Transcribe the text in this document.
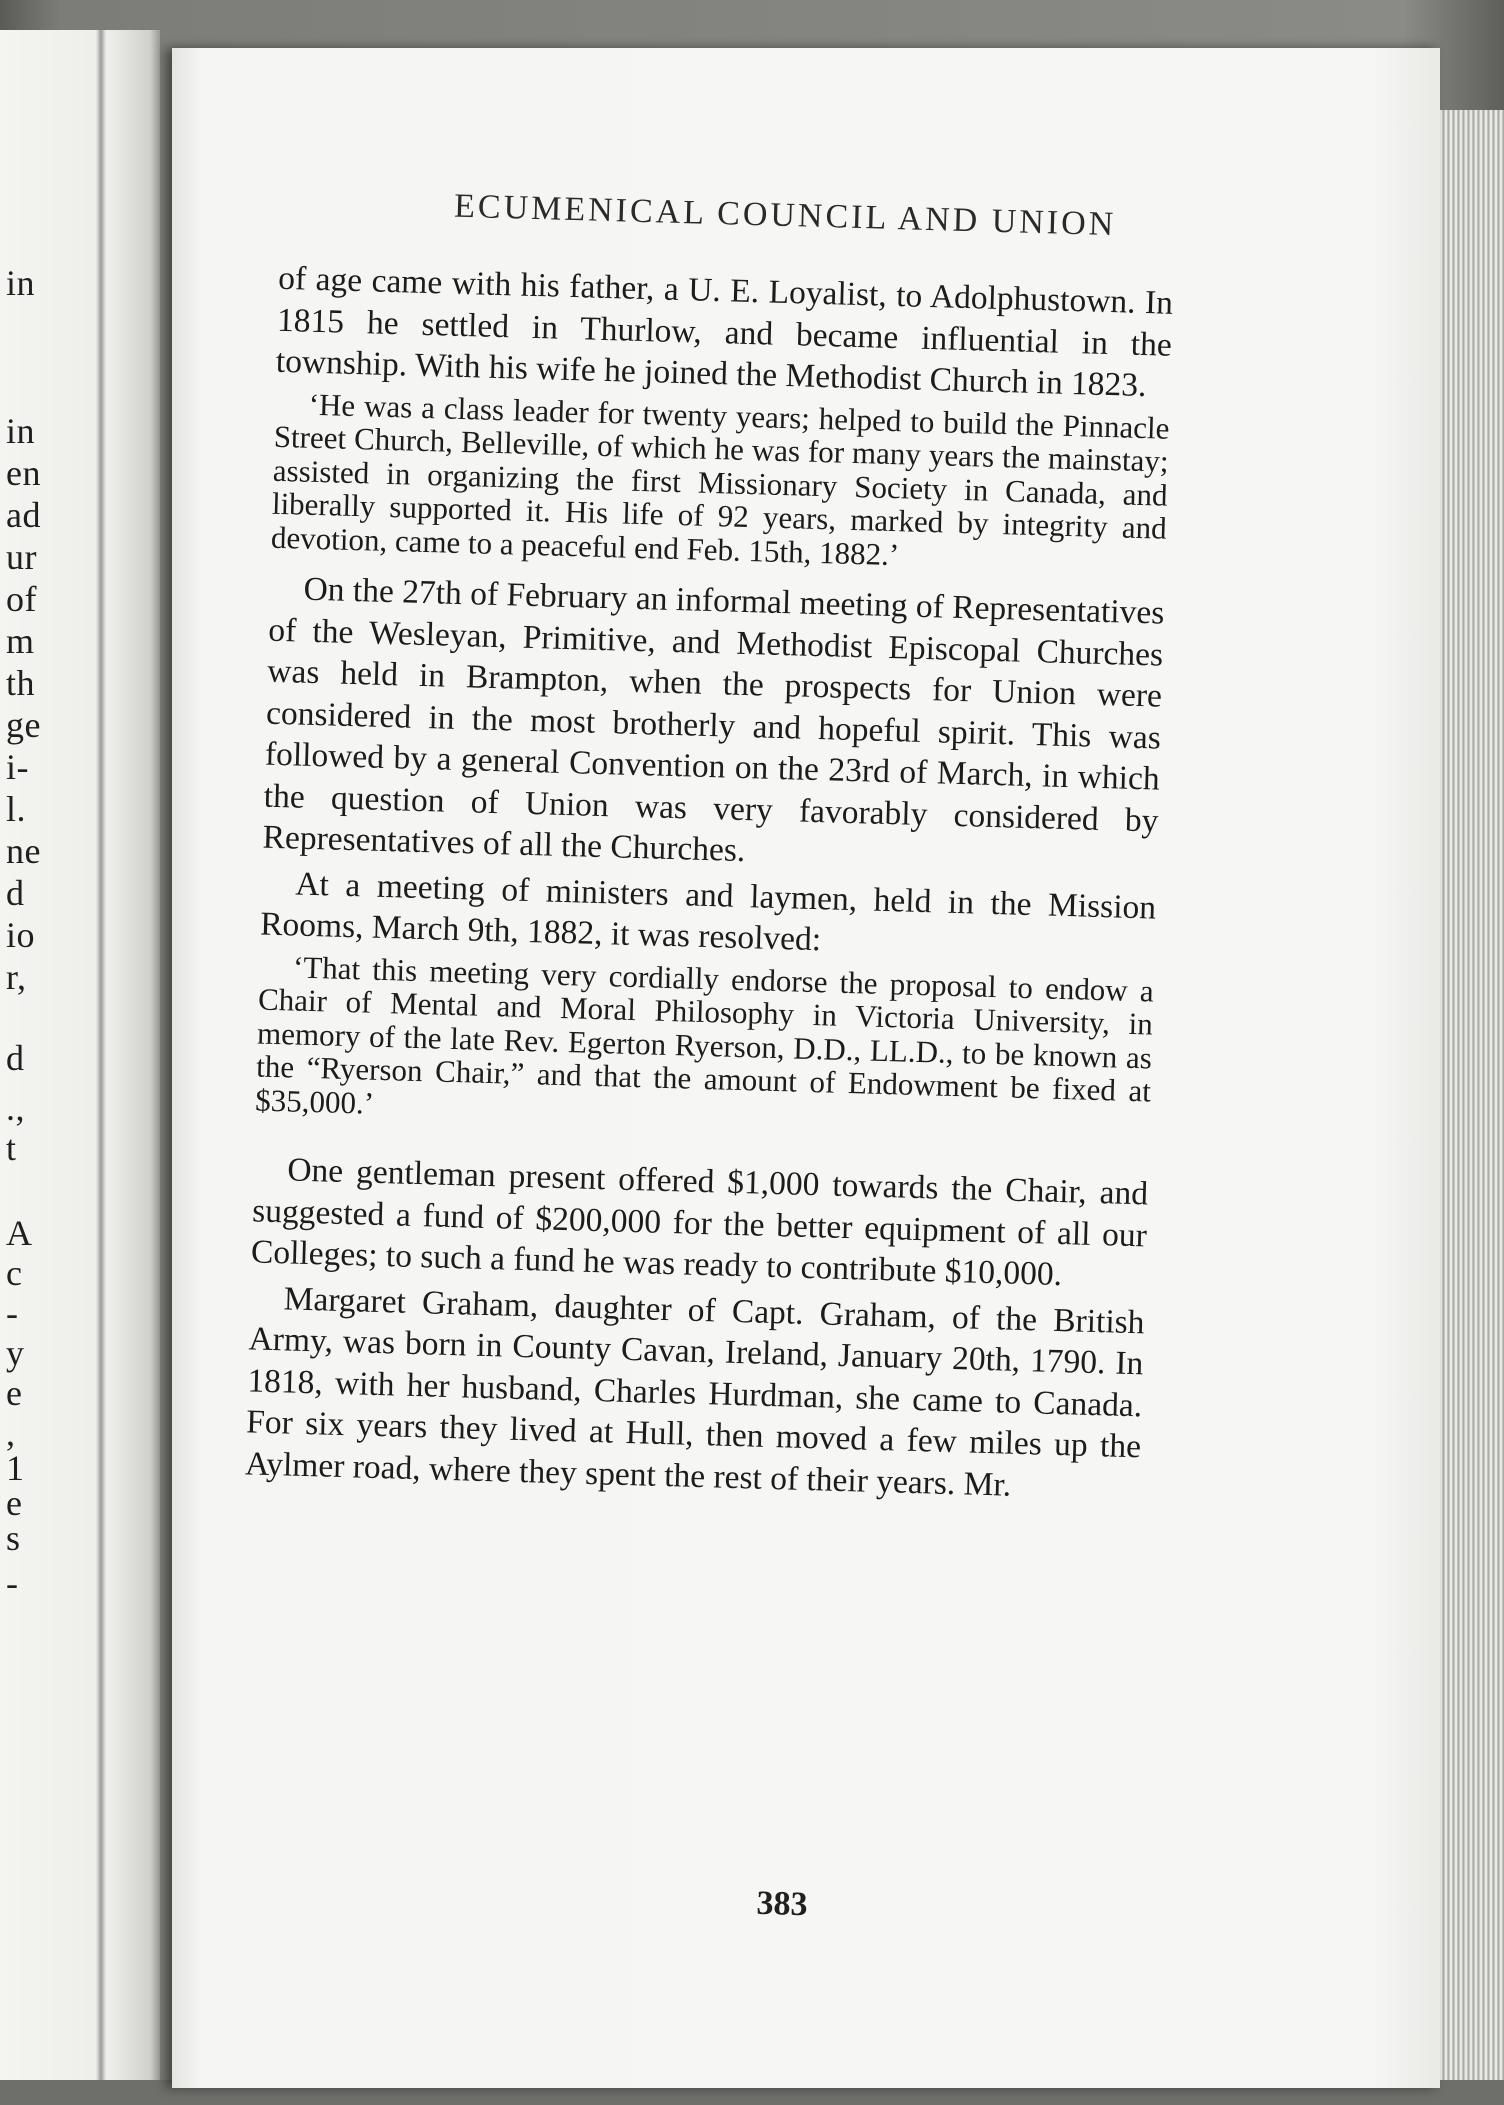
in
in
en
ad
ur
of
m
th
ge
i-
l.
ne
d
io
r,
d
.,
t
A
c
-
y
e
,
1
e
s
-
ECUMENICAL COUNCIL AND UNION

of age came with his father, a U. E. Loyalist, to Adolphustown. In 1815 he settled in Thurlow, and became influential in the township. With his wife he joined the Methodist Church in 1823.

‘He was a class leader for twenty years; helped to build the Pinnacle Street Church, Belleville, of which he was for many years the mainstay; assisted in organizing the first Missionary Society in Canada, and liberally supported it. His life of 92 years, marked by integrity and devotion, came to a peaceful end Feb. 15th, 1882.’

On the 27th of February an informal meeting of Representatives of the Wesleyan, Primitive, and Methodist Episcopal Churches was held in Brampton, when the prospects for Union were considered in the most brotherly and hopeful spirit. This was followed by a general Convention on the 23rd of March, in which the question of Union was very favorably considered by Representatives of all the Churches.

At a meeting of ministers and laymen, held in the Mission Rooms, March 9th, 1882, it was resolved:

‘That this meeting very cordially endorse the proposal to endow a Chair of Mental and Moral Philosophy in Victoria University, in memory of the late Rev. Egerton Ryerson, D.D., LL.D., to be known as the “Ryerson Chair,” and that the amount of Endowment be fixed at $35,000.’

One gentleman present offered $1,000 towards the Chair, and suggested a fund of $200,000 for the better equipment of all our Colleges; to such a fund he was ready to contribute $10,000.

Margaret Graham, daughter of Capt. Graham, of the British Army, was born in County Cavan, Ireland, January 20th, 1790. In 1818, with her husband, Charles Hurdman, she came to Canada. For six years they lived at Hull, then moved a few miles up the Aylmer road, where they spent the rest of their years. Mr.

383
